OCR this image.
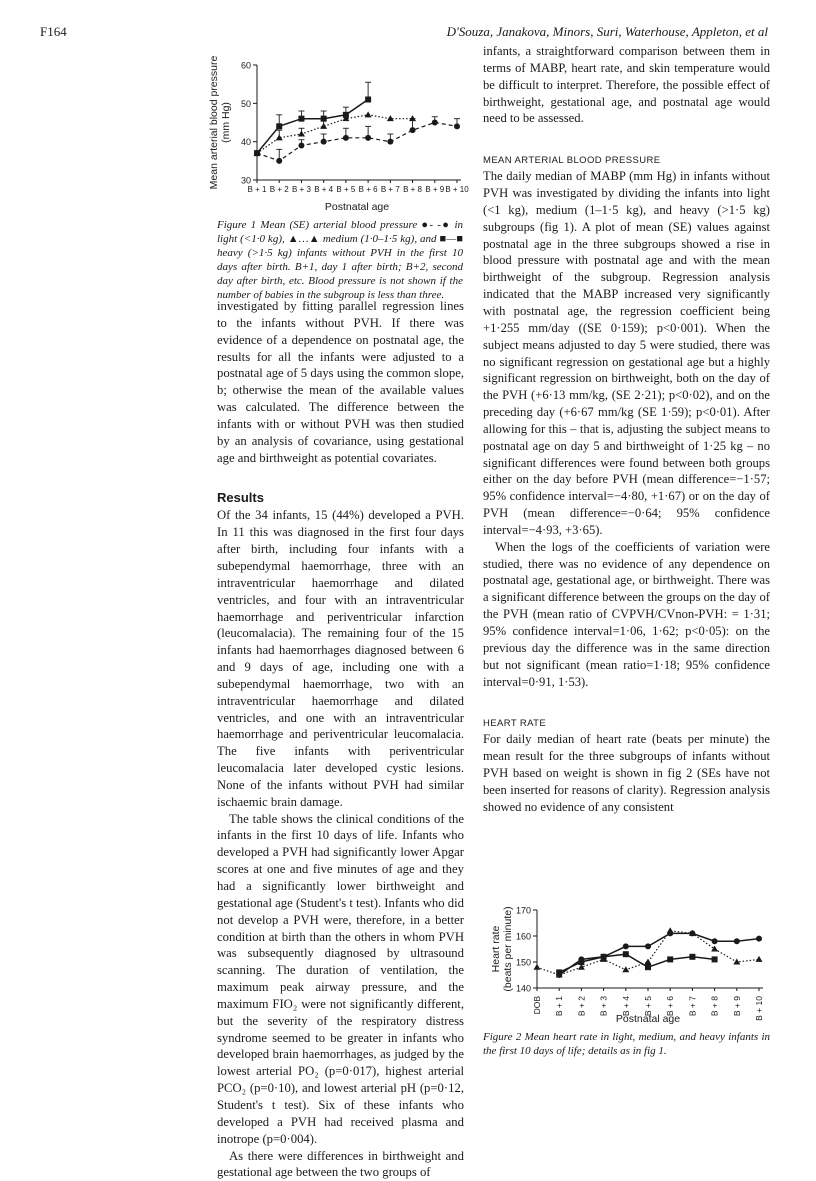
F164	D'Souza, Janakova, Minors, Suri, Waterhouse, Appleton, et al
30
40
50
60
B + 1 B + 2 B + 3 B + 4 B + 5 B + 6 B + 7 B + 8 B + 9 B + 10
Postnatal age
Mean arterial blood pressure (mm Hg)
Figure 1 Mean (SE) arterial blood pressure ●- -● in light (<1·0 kg), ▲…▲ medium (1·0–1·5 kg), and ■—■ heavy (>1·5 kg) infants without PVH in the first 10 days after birth. B+1, day 1 after birth; B+2, second day after birth, etc. Blood pressure is not shown if the number of babies in the subgroup is less than three.

investigated by fitting parallel regression lines to the infants without PVH. If there was evidence of a dependence on postnatal age, the results for all the infants were adjusted to a postnatal age of 5 days using the common slope, b; otherwise the mean of the available values was calculated. The difference between the infants with or without PVH was then studied by an analysis of covariance, using gestational age and birthweight as potential covariates.

Results

Of the 34 infants, 15 (44%) developed a PVH. In 11 this was diagnosed in the first four days after birth, including four infants with a subependymal haemorrhage, three with an intraventricular haemorrhage and dilated ventricles, and four with an intraventricular haemorrhage and periventricular infarction (leucomalacia). The remaining four of the 15 infants had haemorrhages diagnosed between 6 and 9 days of age, including one with a subependymal haemorrhage, two with an intraventricular haemorrhage and dilated ventricles, and one with an intraventricular haemorrhage and periventricular leucomalacia. The five infants with periventricular leucomalacia later developed cystic lesions. None of the infants without PVH had similar ischaemic brain damage.

The table shows the clinical conditions of the infants in the first 10 days of life. Infants who developed a PVH had significantly lower Apgar scores at one and five minutes of age and they had a significantly lower birthweight and gestational age (Student's t test). Infants who did not develop a PVH were, therefore, in a better condition at birth than the others in whom PVH was subsequently diagnosed by ultrasound scanning. The duration of ventilation, the maximum peak airway pressure, and the maximum FIO₂ were not significantly different, but the severity of the respiratory distress syndrome seemed to be greater in infants who developed brain haemorrhages, as judged by the lowest arterial PO₂ (p=0·017), highest arterial PCO₂ (p=0·10), and lowest arterial pH (p=0·12, Student's t test). Six of these infants who developed a PVH had received plasma and inotrope (p=0·004).

As there were differences in birthweight and gestational age between the two groups of

infants, a straightforward comparison between them in terms of MABP, heart rate, and skin temperature would be difficult to interpret. Therefore, the possible effect of birthweight, gestational age, and postnatal age would need to be assessed.

MEAN ARTERIAL BLOOD PRESSURE

The daily median of MABP (mm Hg) in infants without PVH was investigated by dividing the infants into light (<1 kg), medium (1–1·5 kg), and heavy (>1·5 kg) subgroups (fig 1). A plot of mean (SE) values against postnatal age in the three subgroups showed a rise in blood pressure with postnatal age and with the mean birthweight of the subgroup. Regression analysis indicated that the MABP increased very significantly with postnatal age, the regression coefficient being +1·255 mm/day ((SE 0·159); p<0·001). When the subject means adjusted to day 5 were studied, there was no significant regression on gestational age but a highly significant regression on birthweight, both on the day of the PVH (+6·13 mm/kg, (SE 2·21); p<0·02), and on the preceding day (+6·67 mm/kg (SE 1·59); p<0·01). After allowing for this – that is, adjusting the subject means to postnatal age on day 5 and birthweight of 1·25 kg – no significant differences were found between both groups either on the day before PVH (mean difference=−1·57; 95% confidence interval=−4·80, +1·67) or on the day of PVH (mean difference=−0·64; 95% confidence interval=−4·93, +3·65).

When the logs of the coefficients of variation were studied, there was no evidence of any dependence on postnatal age, gestational age, or birthweight. There was a significant difference between the groups on the day of the PVH (mean ratio of CVPVH/CVnon-PVH: = 1·31; 95% confidence interval=1·06, 1·62; p<0·05): on the previous day the difference was in the same direction but not significant (mean ratio=1·18; 95% confidence interval=0·91, 1·53).

HEART RATE

For daily median of heart rate (beats per minute) the mean result for the three subgroups of infants without PVH based on weight is shown in fig 2 (SEs have not been inserted for reasons of clarity). Regression analysis showed no evidence of any consistent

140
150
160
170
DOB B + 1 B + 2 B + 3 B + 4 B + 5 B + 6 B + 7 B + 8 B + 9 B + 10
Postnatal age
Heart rate (beats per minute)
Figure 2 Mean heart rate in light, medium, and heavy infants in the first 10 days of life; details as in fig 1.
